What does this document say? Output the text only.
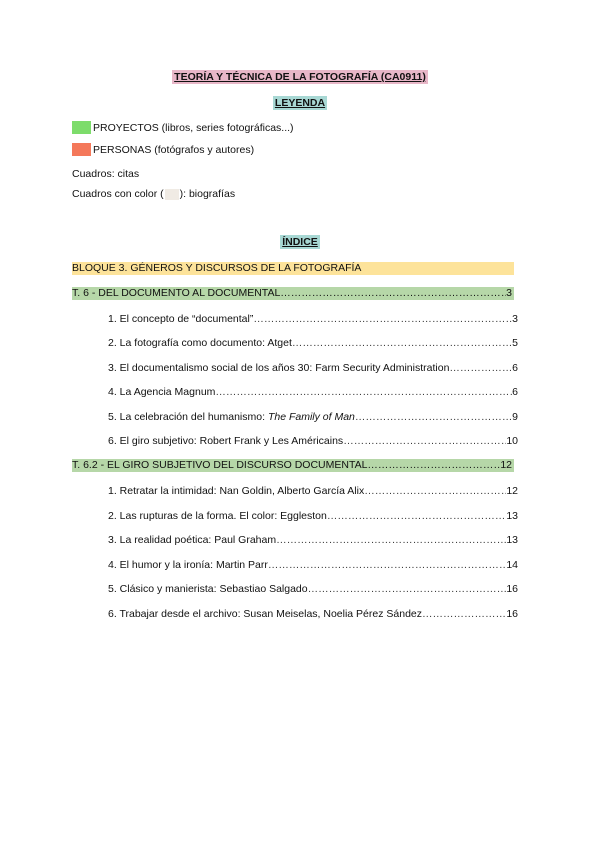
TEORÍA Y TÉCNICA DE LA FOTOGRAFÍA (CA0911)
LEYENDA
PROYECTOS (libros, series fotográficas...)
PERSONAS (fotógrafos y autores)
Cuadros: citas
Cuadros con color ( ): biografías
ÍNDICE
BLOQUE 3. GÉNEROS Y DISCURSOS DE LA FOTOGRAFÍA
T. 6 - DEL DOCUMENTO AL DOCUMENTAL ………………………………………………………………………………………………………………	3
1. El concepto de “documental” ………………………………………………………………………………………………………………	3
2. La fotografía como documento: Atget ………………………………………………………………………………………………………………	5
3. El documentalismo social de los años 30: Farm Security Administration ………………………………………………………………………………………………………………	6
4. La Agencia Magnum ………………………………………………………………………………………………………………	6
5. La celebración del humanismo: The Family of Man ………………………………………………………………………………………………………………	9
6. El giro subjetivo: Robert Frank y Les Américains ………………………………………………………………………………………………………………	10
T. 6.2 - EL GIRO SUBJETIVO DEL DISCURSO DOCUMENTAL ………………………………………………………………………………………………………………	12
1. Retratar la intimidad: Nan Goldin, Alberto García Alix ………………………………………………………………………………………………………………	12
2. Las rupturas de la forma. El color: Eggleston ………………………………………………………………………………………………………………	13
3. La realidad poética: Paul Graham ………………………………………………………………………………………………………………	13
4. El humor y la ironía: Martin Parr ………………………………………………………………………………………………………………	14
5. Clásico y manierista: Sebastiao Salgado ………………………………………………………………………………………………………………	16
6. Trabajar desde el archivo: Susan Meiselas, Noelia Pérez Sández ………………………………………………………………………………………………………………	16
